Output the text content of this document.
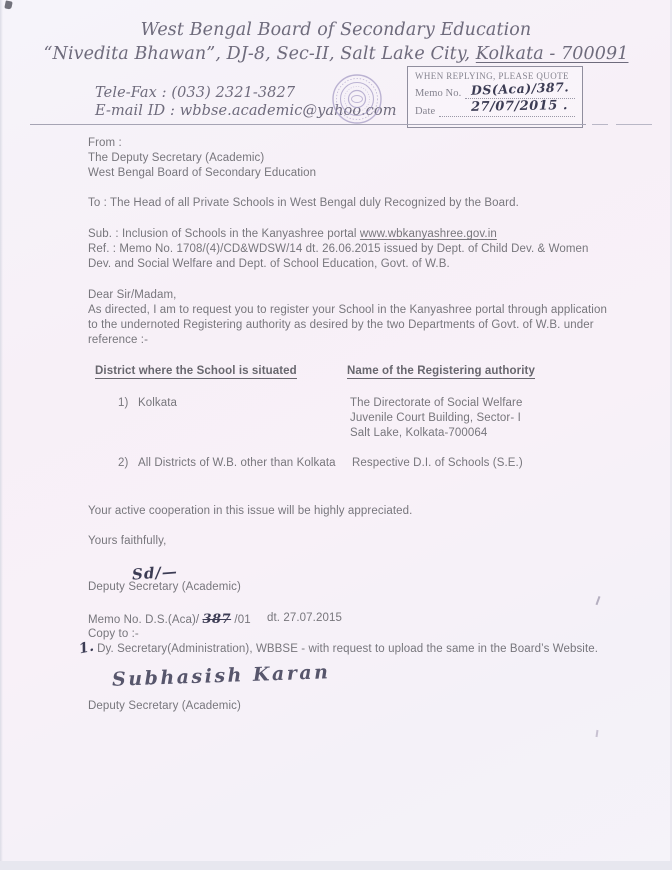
West Bengal Board of Secondary Education
“Nivedita Bhawan”, DJ-8, Sec-II, Salt Lake City, Kolkata - 700091
Tele-Fax : (033) 2321-3827
E-mail ID : wbbse.academic@yahoo.com
WHEN REPLYING, PLEASE QUOTE
Memo No. DS(Aca)/387.
Date	27/07/2015 .
From :
The Deputy Secretary (Academic)
West Bengal Board of Secondary Education
To : The Head of all Private Schools in West Bengal duly Recognized by the Board.
Sub. : Inclusion of Schools in the Kanyashree portal www.wbkanyashree.gov.in
Ref. : Memo No. 1708/(4)/CD&WDSW/14 dt. 26.06.2015 issued by Dept. of Child Dev. & Women
Dev. and Social Welfare and Dept. of School Education, Govt. of W.B.
Dear Sir/Madam,
As directed, I am to request you to register your School in the Kanyashree portal through application
to the undernoted Registering authority as desired by the two Departments of Govt. of W.B. under
reference :-
District where the School is situated	Name of the Registering authority
1) Kolkata	The Directorate of Social Welfare
Juvenile Court Building, Sector- I
Salt Lake, Kolkata-700064
2) All Districts of W.B. other than Kolkata Respective D.I. of Schools (S.E.)
Your active cooperation in this issue will be highly appreciated.
Yours faithfully,
Sd/—
Deputy Secretary (Academic)
Memo No. D.S.(Aca)/ 387 /01 dt. 27.07.2015
Copy to :-
1. Dy. Secretary(Administration), WBBSE - with request to upload the same in the Board’s Website.
Subhasish Karan
Deputy Secretary (Academic)
